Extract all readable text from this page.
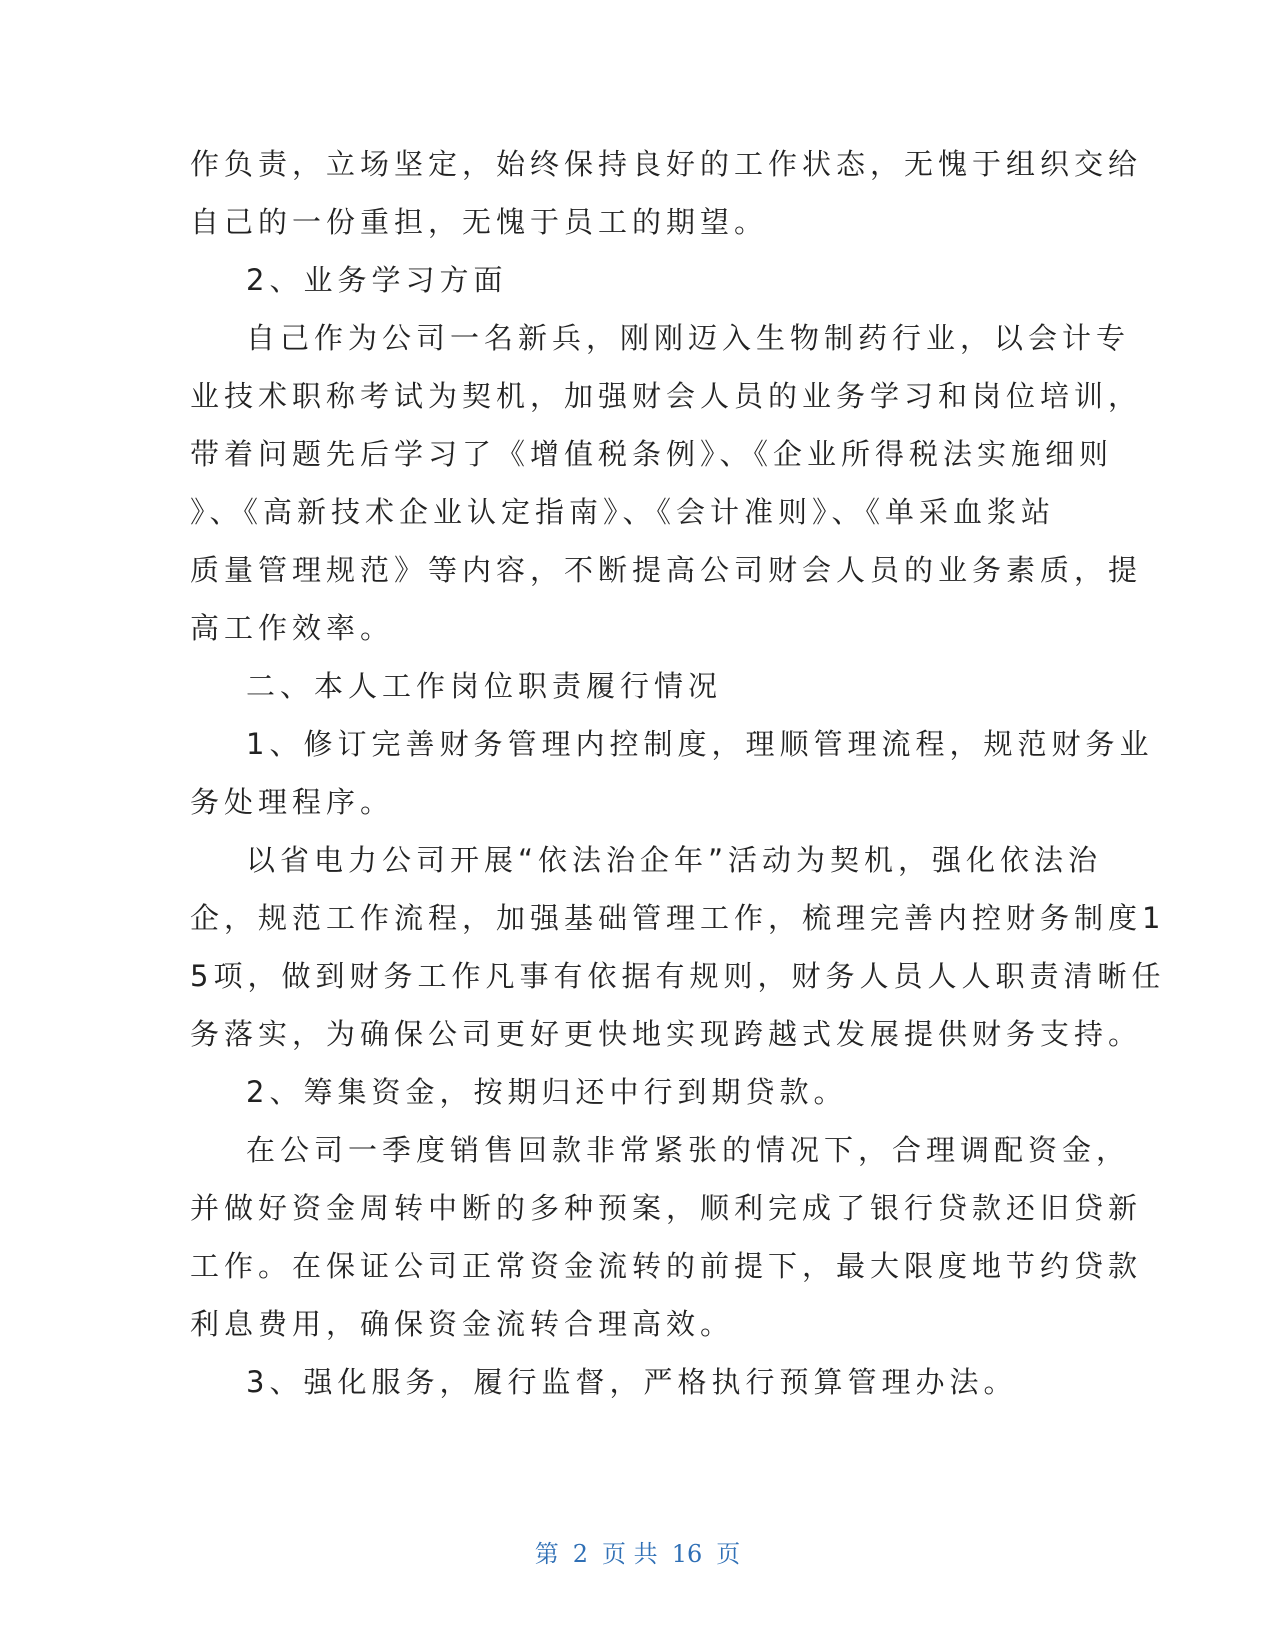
作负责，立场坚定，始终保持良好的工作状态，无愧于组织交给
自己的一份重担，无愧于员工的期望。
2、业务学习方面
自己作为公司一名新兵，刚刚迈入生物制药行业，以会计专
业技术职称考试为契机，加强财会人员的业务学习和岗位培训，
带着问题先后学习了《增值税条例》、《企业所得税法实施细则
》、《高新技术企业认定指南》、《会计准则》、《单采血浆站
质量管理规范》等内容，不断提高公司财会人员的业务素质，提
高工作效率。
二、本人工作岗位职责履行情况
1、修订完善财务管理内控制度，理顺管理流程，规范财务业
务处理程序。
以省电力公司开展“依法治企年”活动为契机，强化依法治
企，规范工作流程，加强基础管理工作，梳理完善内控财务制度1
5项，做到财务工作凡事有依据有规则，财务人员人人职责清晰任
务落实，为确保公司更好更快地实现跨越式发展提供财务支持。
2、筹集资金，按期归还中行到期贷款。
在公司一季度销售回款非常紧张的情况下，合理调配资金，
并做好资金周转中断的多种预案，顺利完成了银行贷款还旧贷新
工作。在保证公司正常资金流转的前提下，最大限度地节约贷款
利息费用，确保资金流转合理高效。
3、强化服务，履行监督，严格执行预算管理办法。
第 2 页 共 16 页
